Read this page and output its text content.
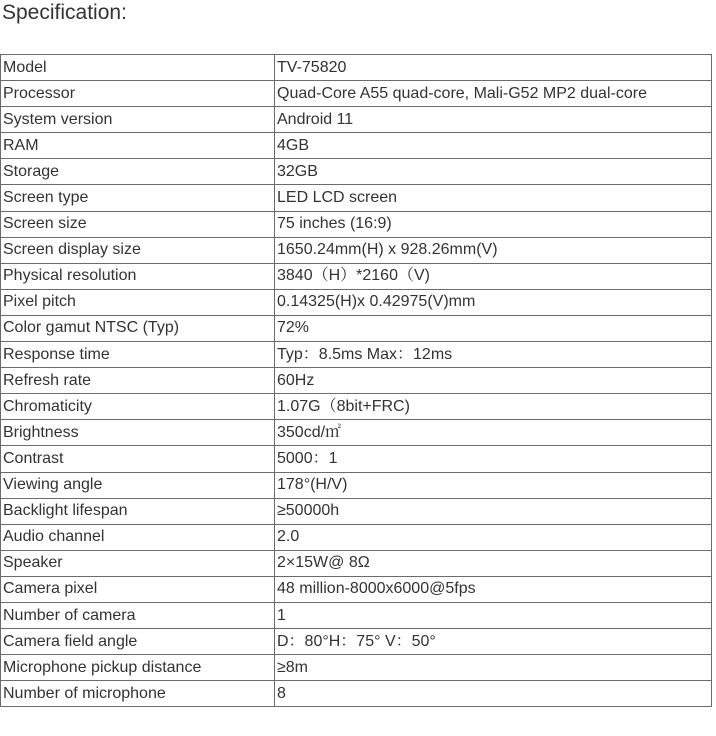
Specification:
Model	TV-75820
Processor	Quad-Core A55 quad-core, Mali-G52 MP2 dual-core
System version	Android 11
RAM	4GB
Storage	32GB
Screen type	LED LCD screen
Screen size	75 inches (16:9)
Screen display size	1650.24mm(H) x 928.26mm(V)
Physical resolution	3840（H）*2160（V)
Pixel pitch	0.14325(H)x 0.42975(V)mm
Color gamut NTSC (Typ)	72%
Response time	Typ：8.5ms Max：12ms
Refresh rate	60Hz
Chromaticity	1.07G（8bit+FRC)
Brightness	350cd/㎡
Contrast	5000：1
Viewing angle	178°(H/V)
Backlight lifespan	≥50000h
Audio channel	2.0
Speaker	2×15W@ 8Ω
Camera pixel	48 million-8000x6000@5fps
Number of camera	1
Camera field angle	D：80°H：75° V：50°
Microphone pickup distance	≥8m
Number of microphone	8
